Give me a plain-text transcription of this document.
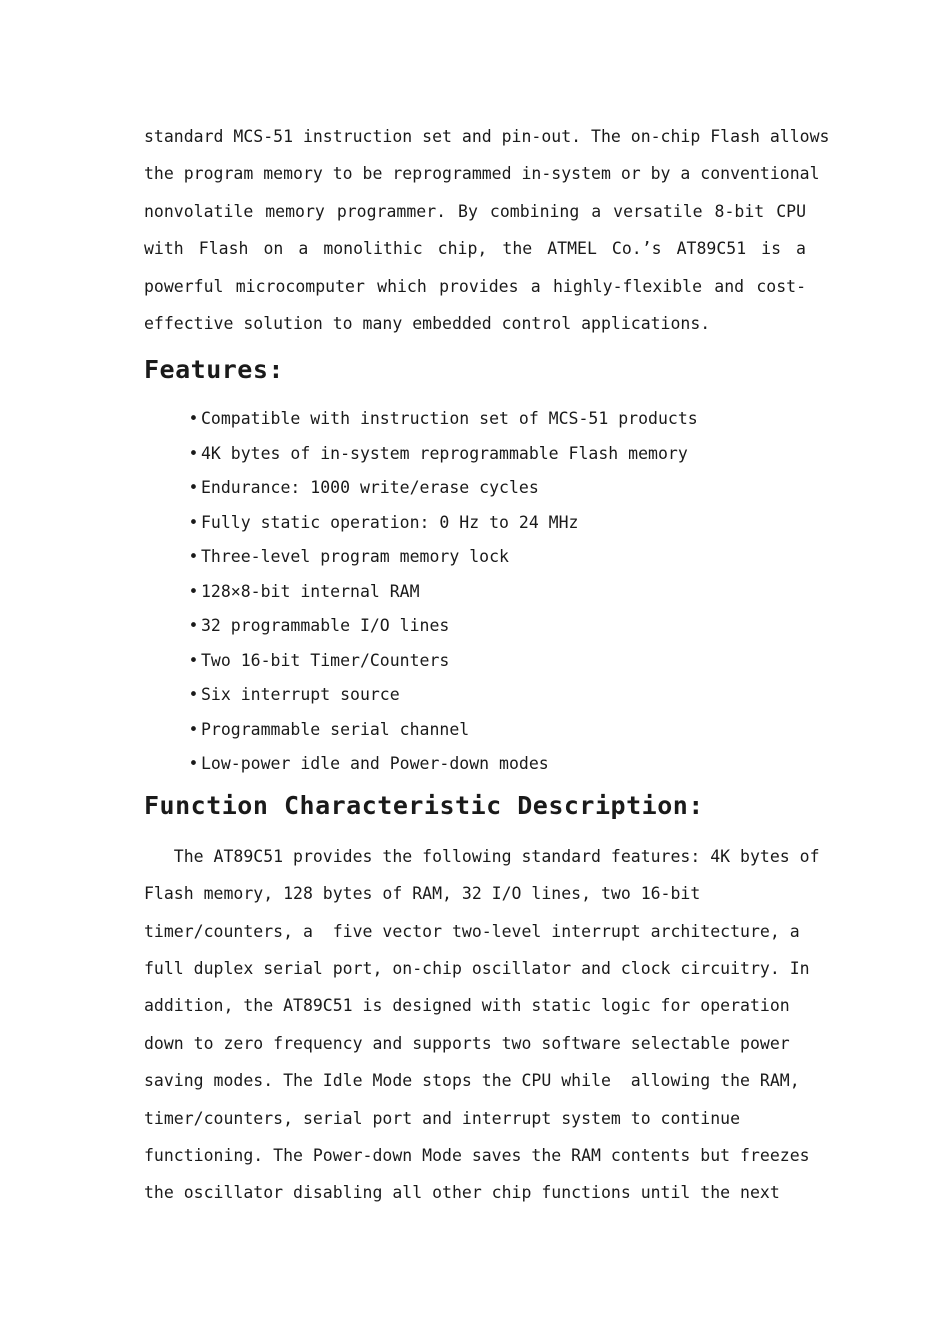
standard MCS-51 instruction set and pin-out. The on-chip Flash allows
the program memory to be reprogrammed in-system or by a conventional
nonvolatile memory programmer. By combining a versatile 8-bit CPU
with Flash on a monolithic chip, the ATMEL Co.’s AT89C51 is a
powerful microcomputer which provides a highly-flexible and cost-
effective solution to many embedded control applications.
Features:
• Compatible with instruction set of MCS-51 products
• 4K bytes of in-system reprogrammable Flash memory
• Endurance: 1000 write/erase cycles
• Fully static operation: 0 Hz to 24 MHz
• Three-level program memory lock
• 128×8-bit internal RAM
• 32 programmable I/O lines
• Two 16-bit Timer/Counters
• Six interrupt source
• Programmable serial channel
• Low-power idle and Power-down modes
Function Characteristic Description:
The AT89C51 provides the following standard features: 4K bytes of
Flash memory, 128 bytes of RAM, 32 I/O lines, two 16-bit
timer/counters, a  five vector two-level interrupt architecture, a
full duplex serial port, on-chip oscillator and clock circuitry. In
addition, the AT89C51 is designed with static logic for operation
down to zero frequency and supports two software selectable power
saving modes. The Idle Mode stops the CPU while  allowing the RAM,
timer/counters, serial port and interrupt system to continue
functioning. The Power-down Mode saves the RAM contents but freezes
the oscillator disabling all other chip functions until the next
